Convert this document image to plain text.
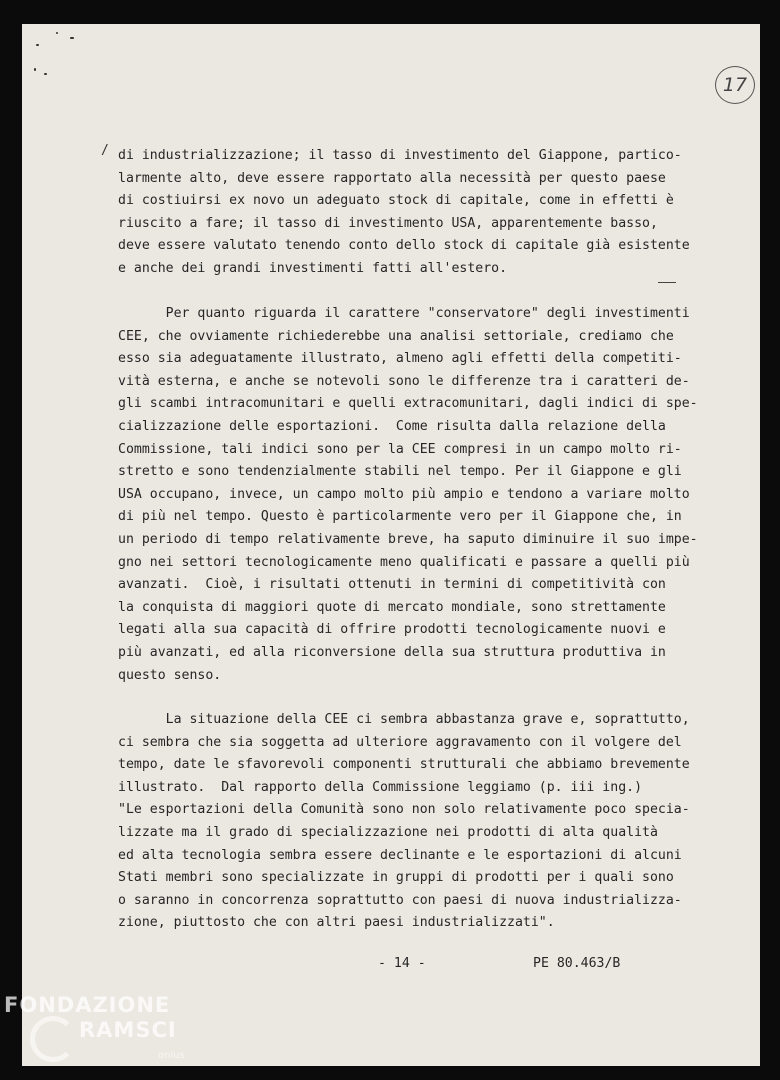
17
/ di industrializzazione; il tasso di investimento del Giappone, partico-
larmente alto, deve essere rapportato alla necessità per questo paese
di costiuirsi ex novo un adeguato stock di capitale, come in effetti è
riuscito a fare; il tasso di investimento USA, apparentemente basso,
deve essere valutato tenendo conto dello stock di capitale già esistente
e anche dei grandi investimenti fatti all'estero.
Per quanto riguarda il carattere "conservatore" degli investimenti
CEE, che ovviamente richiederebbe una analisi settoriale, crediamo che
esso sia adeguatamente illustrato, almeno agli effetti della competiti-
vità esterna, e anche se notevoli sono le differenze tra i caratteri de-
gli scambi intracomunitari e quelli extracomunitari, dagli indici di spe-
cializzazione delle esportazioni.  Come risulta dalla relazione della
Commissione, tali indici sono per la CEE compresi in un campo molto ri-
stretto e sono tendenzialmente stabili nel tempo. Per il Giappone e gli
USA occupano, invece, un campo molto più ampio e tendono a variare molto
di più nel tempo. Questo è particolarmente vero per il Giappone che, in
un periodo di tempo relativamente breve, ha saputo diminuire il suo impe-
gno nei settori tecnologicamente meno qualificati e passare a quelli più
avanzati.  Cioè, i risultati ottenuti in termini di competitività con
la conquista di maggiori quote di mercato mondiale, sono strettamente
legati alla sua capacità di offrire prodotti tecnologicamente nuovi e
più avanzati, ed alla riconversione della sua struttura produttiva in
questo senso.
La situazione della CEE ci sembra abbastanza grave e, soprattutto,
ci sembra che sia soggetta ad ulteriore aggravamento con il volgere del
tempo, date le sfavorevoli componenti strutturali che abbiamo brevemente
illustrato.  Dal rapporto della Commissione leggiamo (p. iii ing.)
"Le esportazioni della Comunità sono non solo relativamente poco specia-
lizzate ma il grado di specializzazione nei prodotti di alta qualità
ed alta tecnologia sembra essere declinante e le esportazioni di alcuni
Stati membri sono specializzate in gruppi di prodotti per i quali sono
o saranno in concorrenza soprattutto con paesi di nuova industrializza-
zione, piuttosto che con altri paesi industrializzati".
- 14 -	PE 80.463/B
FONDAZIONE
RAMSCI
onlus
